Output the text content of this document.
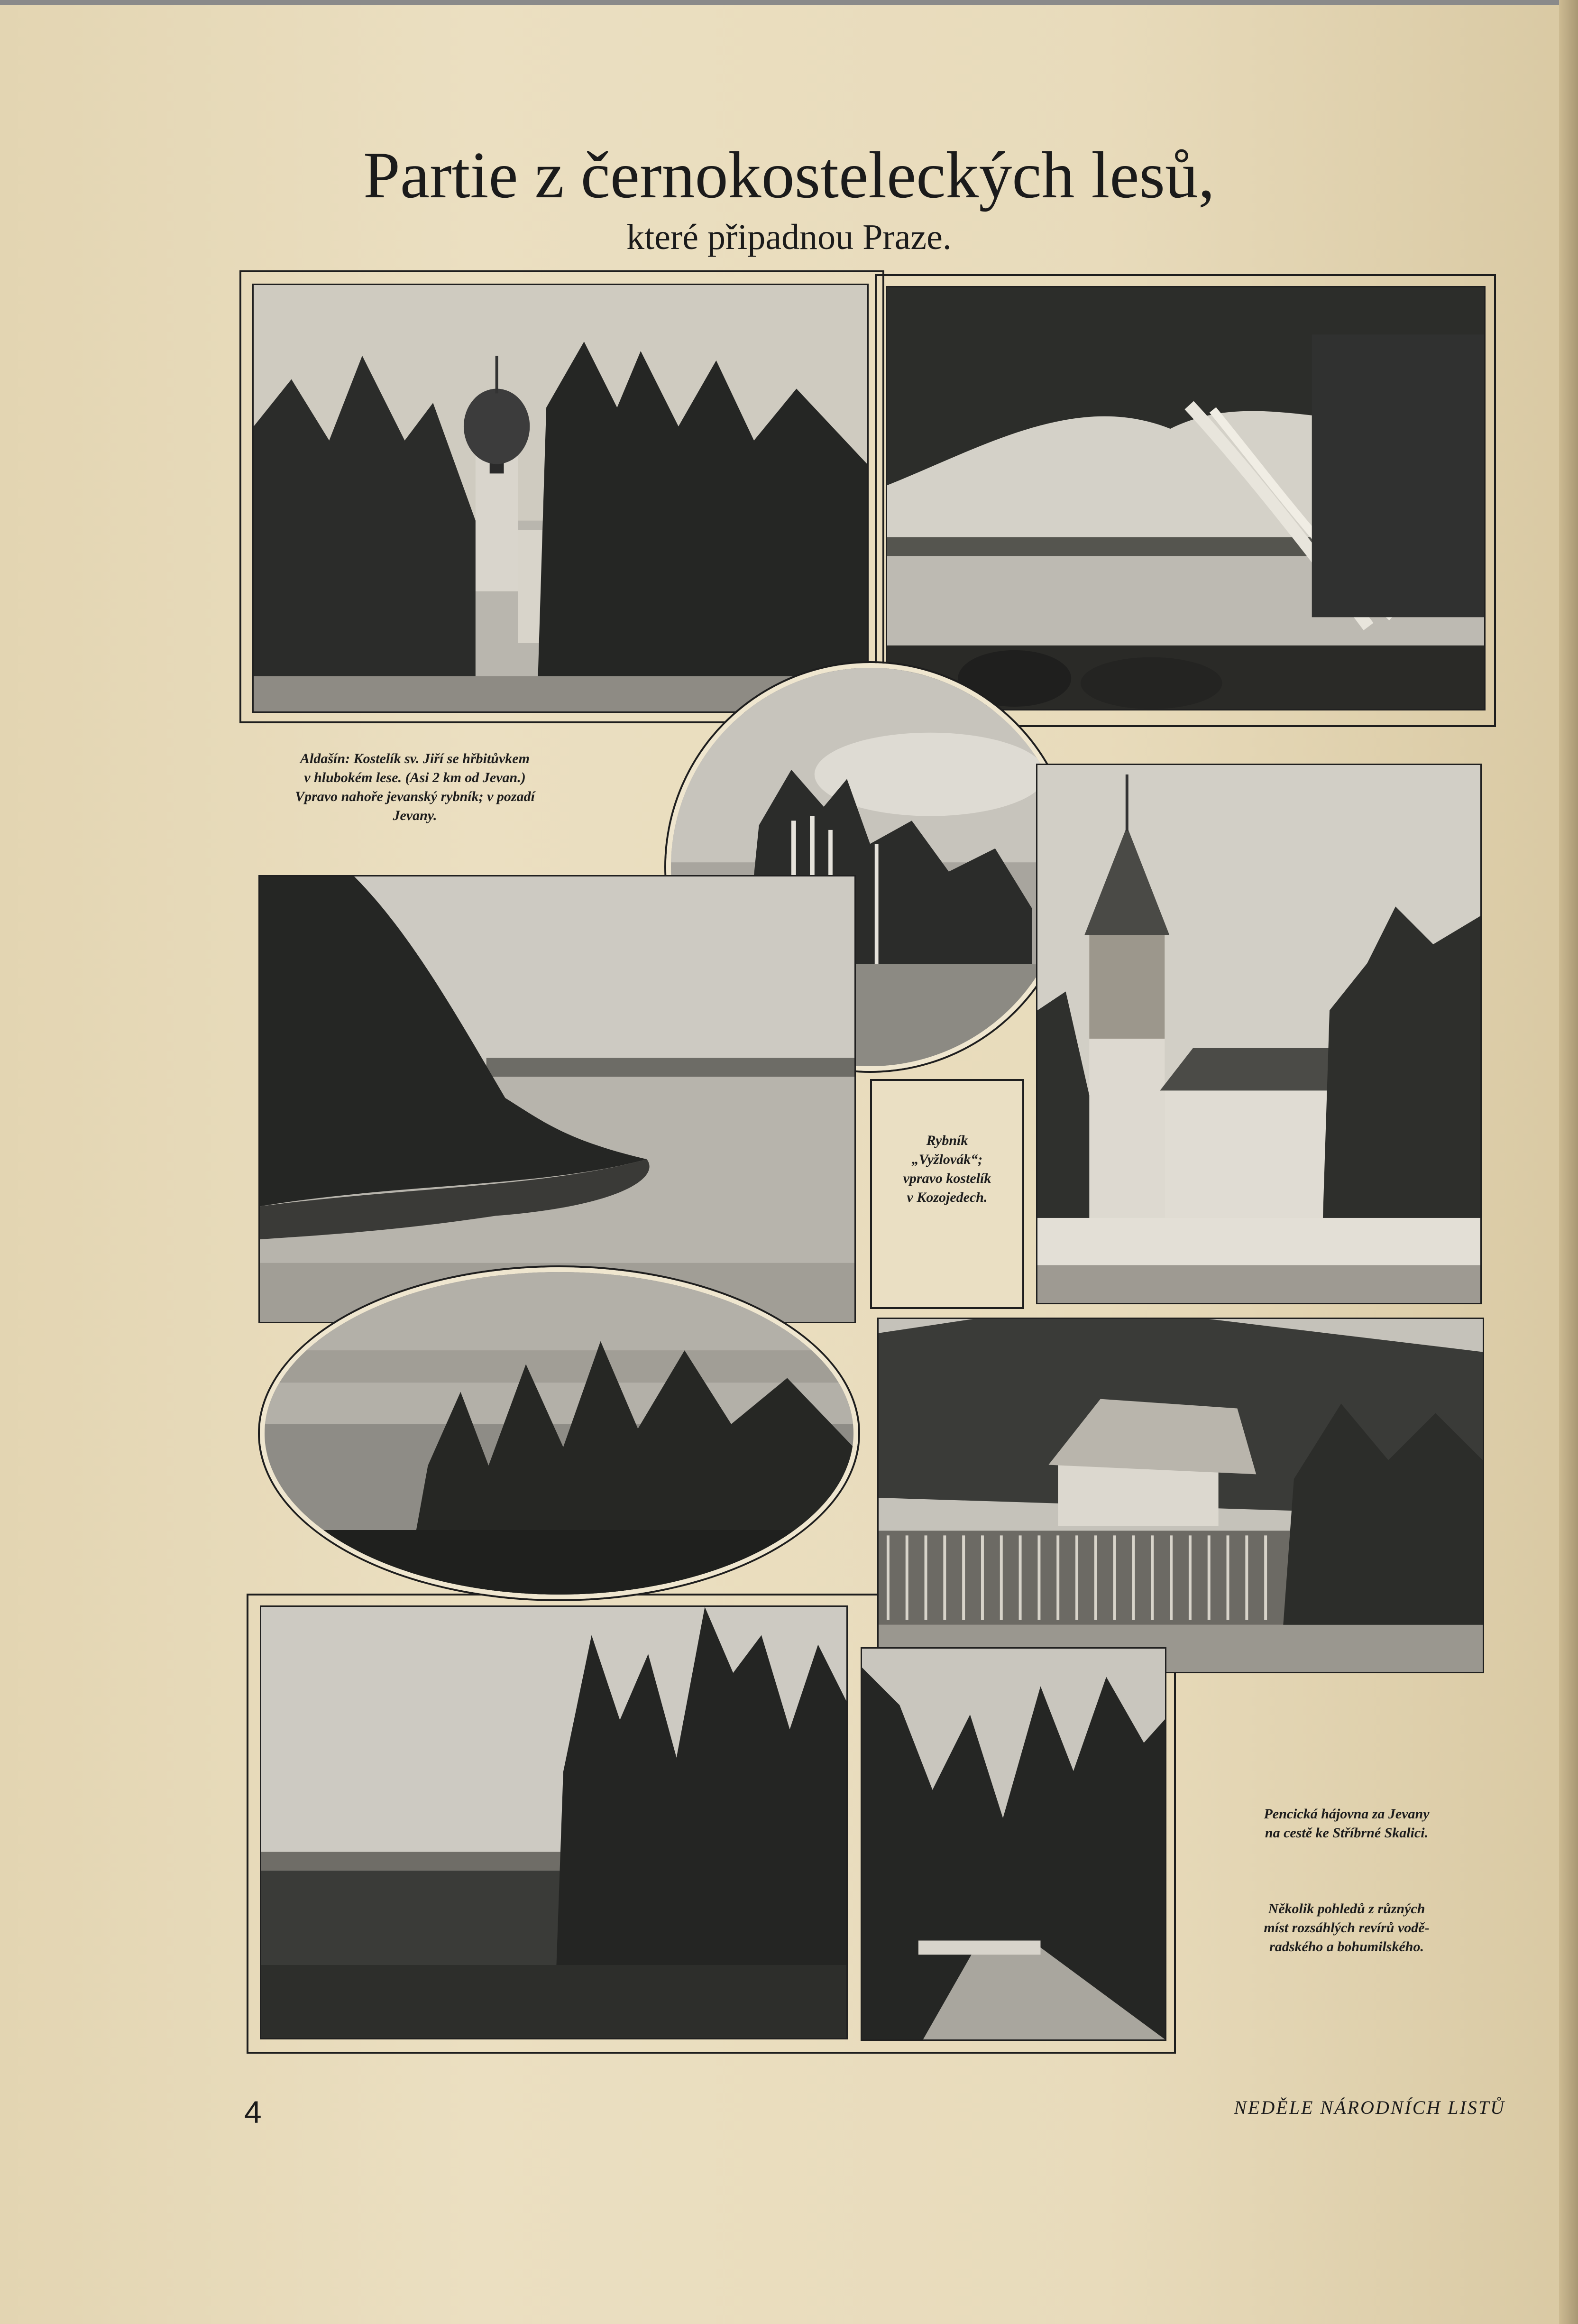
Partie z černokosteleckých lesů,
které připadnou Praze.

Aldašín: Kostelík sv. Jiří se hřbitůvkem

v hlubokém lese. (Asi 2 km od Jevan.)

Vpravo nahoře jevanský rybník; v pozadí

Jevany.

Rybník

„Vyžlovák“;

vpravo kostelík

v Kozojedech.

Pencická hájovna za Jevany

na cestě ke Stříbrné Skalici.

Několik pohledů z různých

míst rozsáhlých revírů vodě-

radského a bohumilského.

4	NEDĚLE NÁRODNÍCH LISTŮ
